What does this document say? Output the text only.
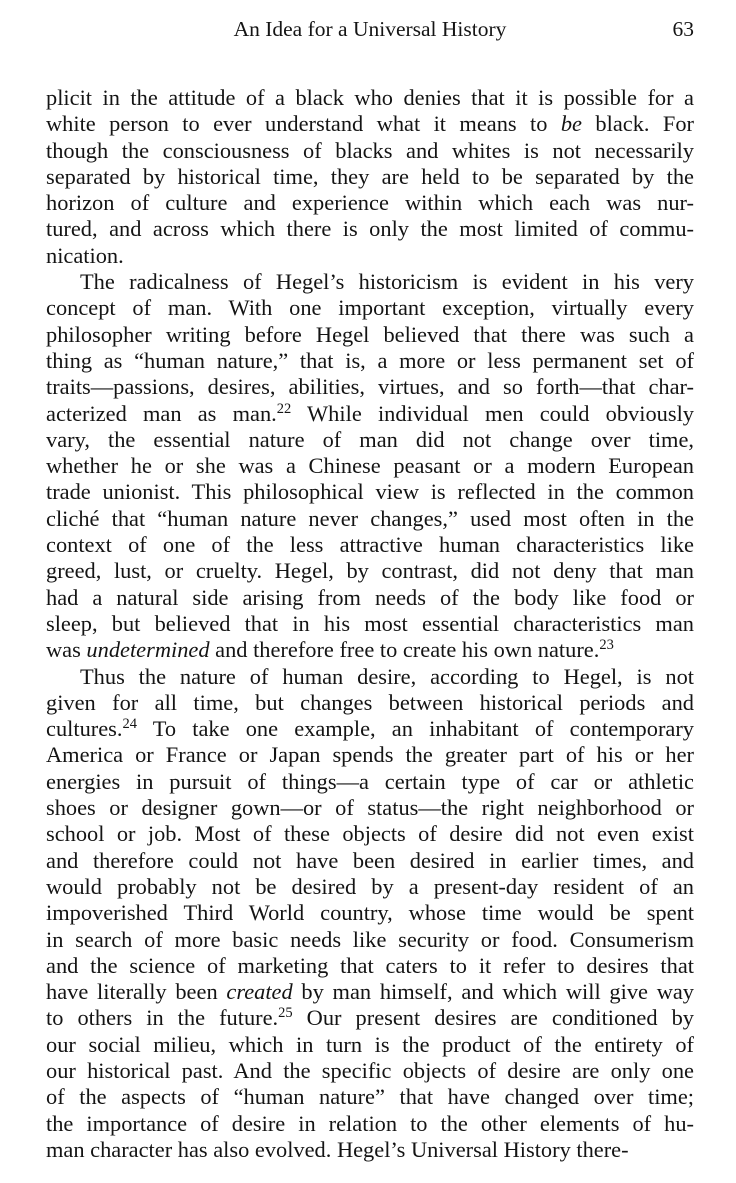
An Idea for a Universal History	63
plicit in the attitude of a black who denies that it is possible for a
white person to ever understand what it means to be black. For
though the consciousness of blacks and whites is not necessarily
separated by historical time, they are held to be separated by the
horizon of culture and experience within which each was nur-
tured, and across which there is only the most limited of commu-
nication.
The radicalness of Hegel’s historicism is evident in his very
concept of man. With one important exception, virtually every
philosopher writing before Hegel believed that there was such a
thing as “human nature,” that is, a more or less permanent set of
traits—passions, desires, abilities, virtues, and so forth—that char-
acterized man as man.$^{22}$ While individual men could obviously
vary, the essential nature of man did not change over time,
whether he or she was a Chinese peasant or a modern European
trade unionist. This philosophical view is reflected in the common
cliché that “human nature never changes,” used most often in the
context of one of the less attractive human characteristics like
greed, lust, or cruelty. Hegel, by contrast, did not deny that man
had a natural side arising from needs of the body like food or
sleep, but believed that in his most essential characteristics man
was undetermined and therefore free to create his own nature.$^{23}$
Thus the nature of human desire, according to Hegel, is not
given for all time, but changes between historical periods and
cultures.$^{24}$ To take one example, an inhabitant of contemporary
America or France or Japan spends the greater part of his or her
energies in pursuit of things—a certain type of car or athletic
shoes or designer gown—or of status—the right neighborhood or
school or job. Most of these objects of desire did not even exist
and therefore could not have been desired in earlier times, and
would probably not be desired by a present-day resident of an
impoverished Third World country, whose time would be spent
in search of more basic needs like security or food. Consumerism
and the science of marketing that caters to it refer to desires that
have literally been created by man himself, and which will give way
to others in the future.$^{25}$ Our present desires are conditioned by
our social milieu, which in turn is the product of the entirety of
our historical past. And the specific objects of desire are only one
of the aspects of “human nature” that have changed over time;
the importance of desire in relation to the other elements of hu-
man character has also evolved. Hegel’s Universal History there-
